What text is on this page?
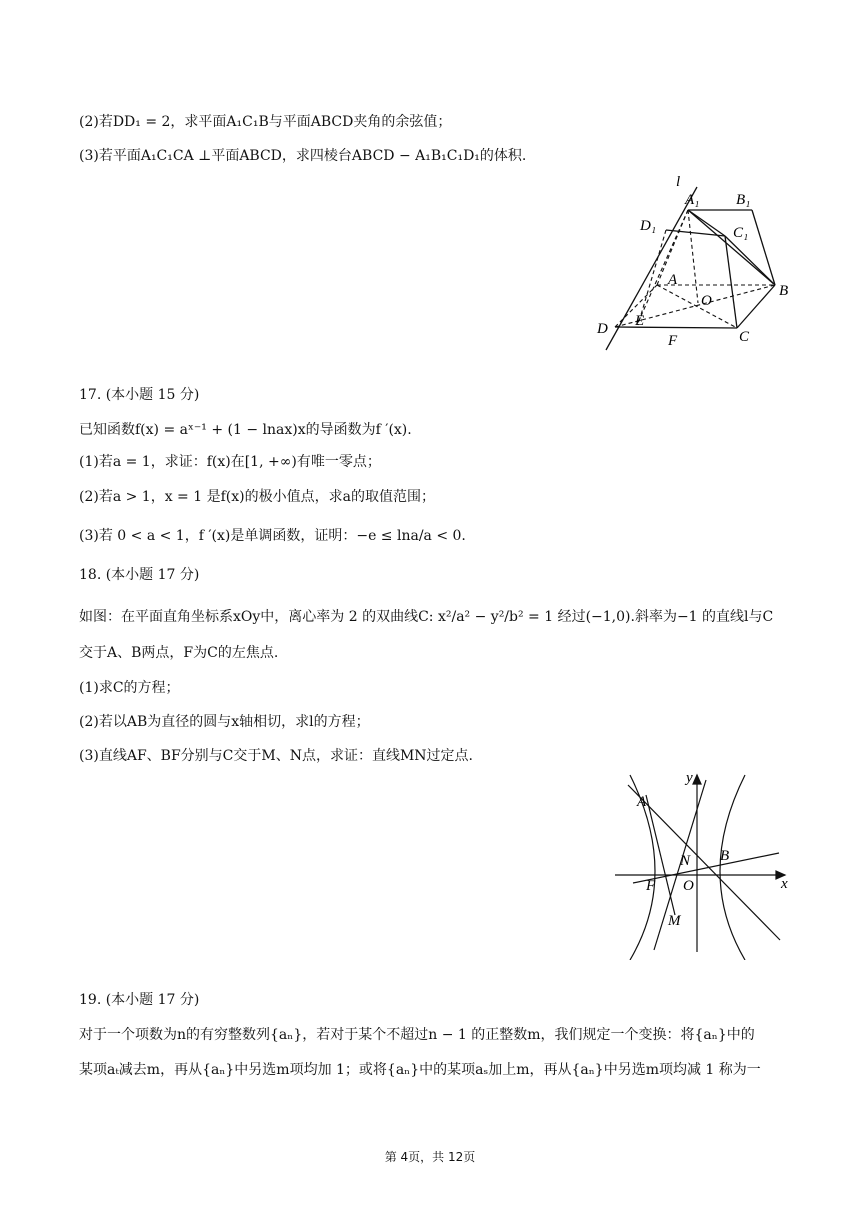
(2)若DD₁ = 2，求平面A₁C₁B与平面ABCD夹角的余弦值；
(3)若平面A₁C₁CA ⊥平面ABCD，求四棱台ABCD − A₁B₁C₁D₁的体积.
l
A₁ B₁
D₁	C₁
A
O
B
D E
F	C
17. (本小题 15 分)
已知函数f(x) = aˣ⁻¹ + (1 − lnax)x的导函数为f ′(x).
(1)若a = 1，求证：f(x)在[1, +∞)有唯一零点；
(2)若a > 1，x = 1 是f(x)的极小值点，求a的取值范围；
(3)若 0 < a < 1，f ′(x)是单调函数，证明：−e ≤ lna/a < 0.
18. (本小题 17 分)
如图：在平面直角坐标系xOy中，离心率为 2 的双曲线C: x²/a² − y²/b² = 1 经过(−1,0).斜率为−1 的直线l与C
交于A、B两点，F为C的左焦点.
(1)求C的方程；
(2)若以AB为直径的圆与x轴相切，求l的方程；
(3)直线AF、BF分别与C交于M、N点，求证：直线MN过定点.
y
x
A
B
N
F O
M
19. (本小题 17 分)
对于一个项数为n的有穷整数列{aₙ}，若对于某个不超过n − 1 的正整数m，我们规定一个变换：将{aₙ}中的
某项aₜ减去m，再从{aₙ}中另选m项均加 1；或将{aₙ}中的某项aₛ加上m，再从{aₙ}中另选m项均减 1 称为一
第 4页，共 12页
